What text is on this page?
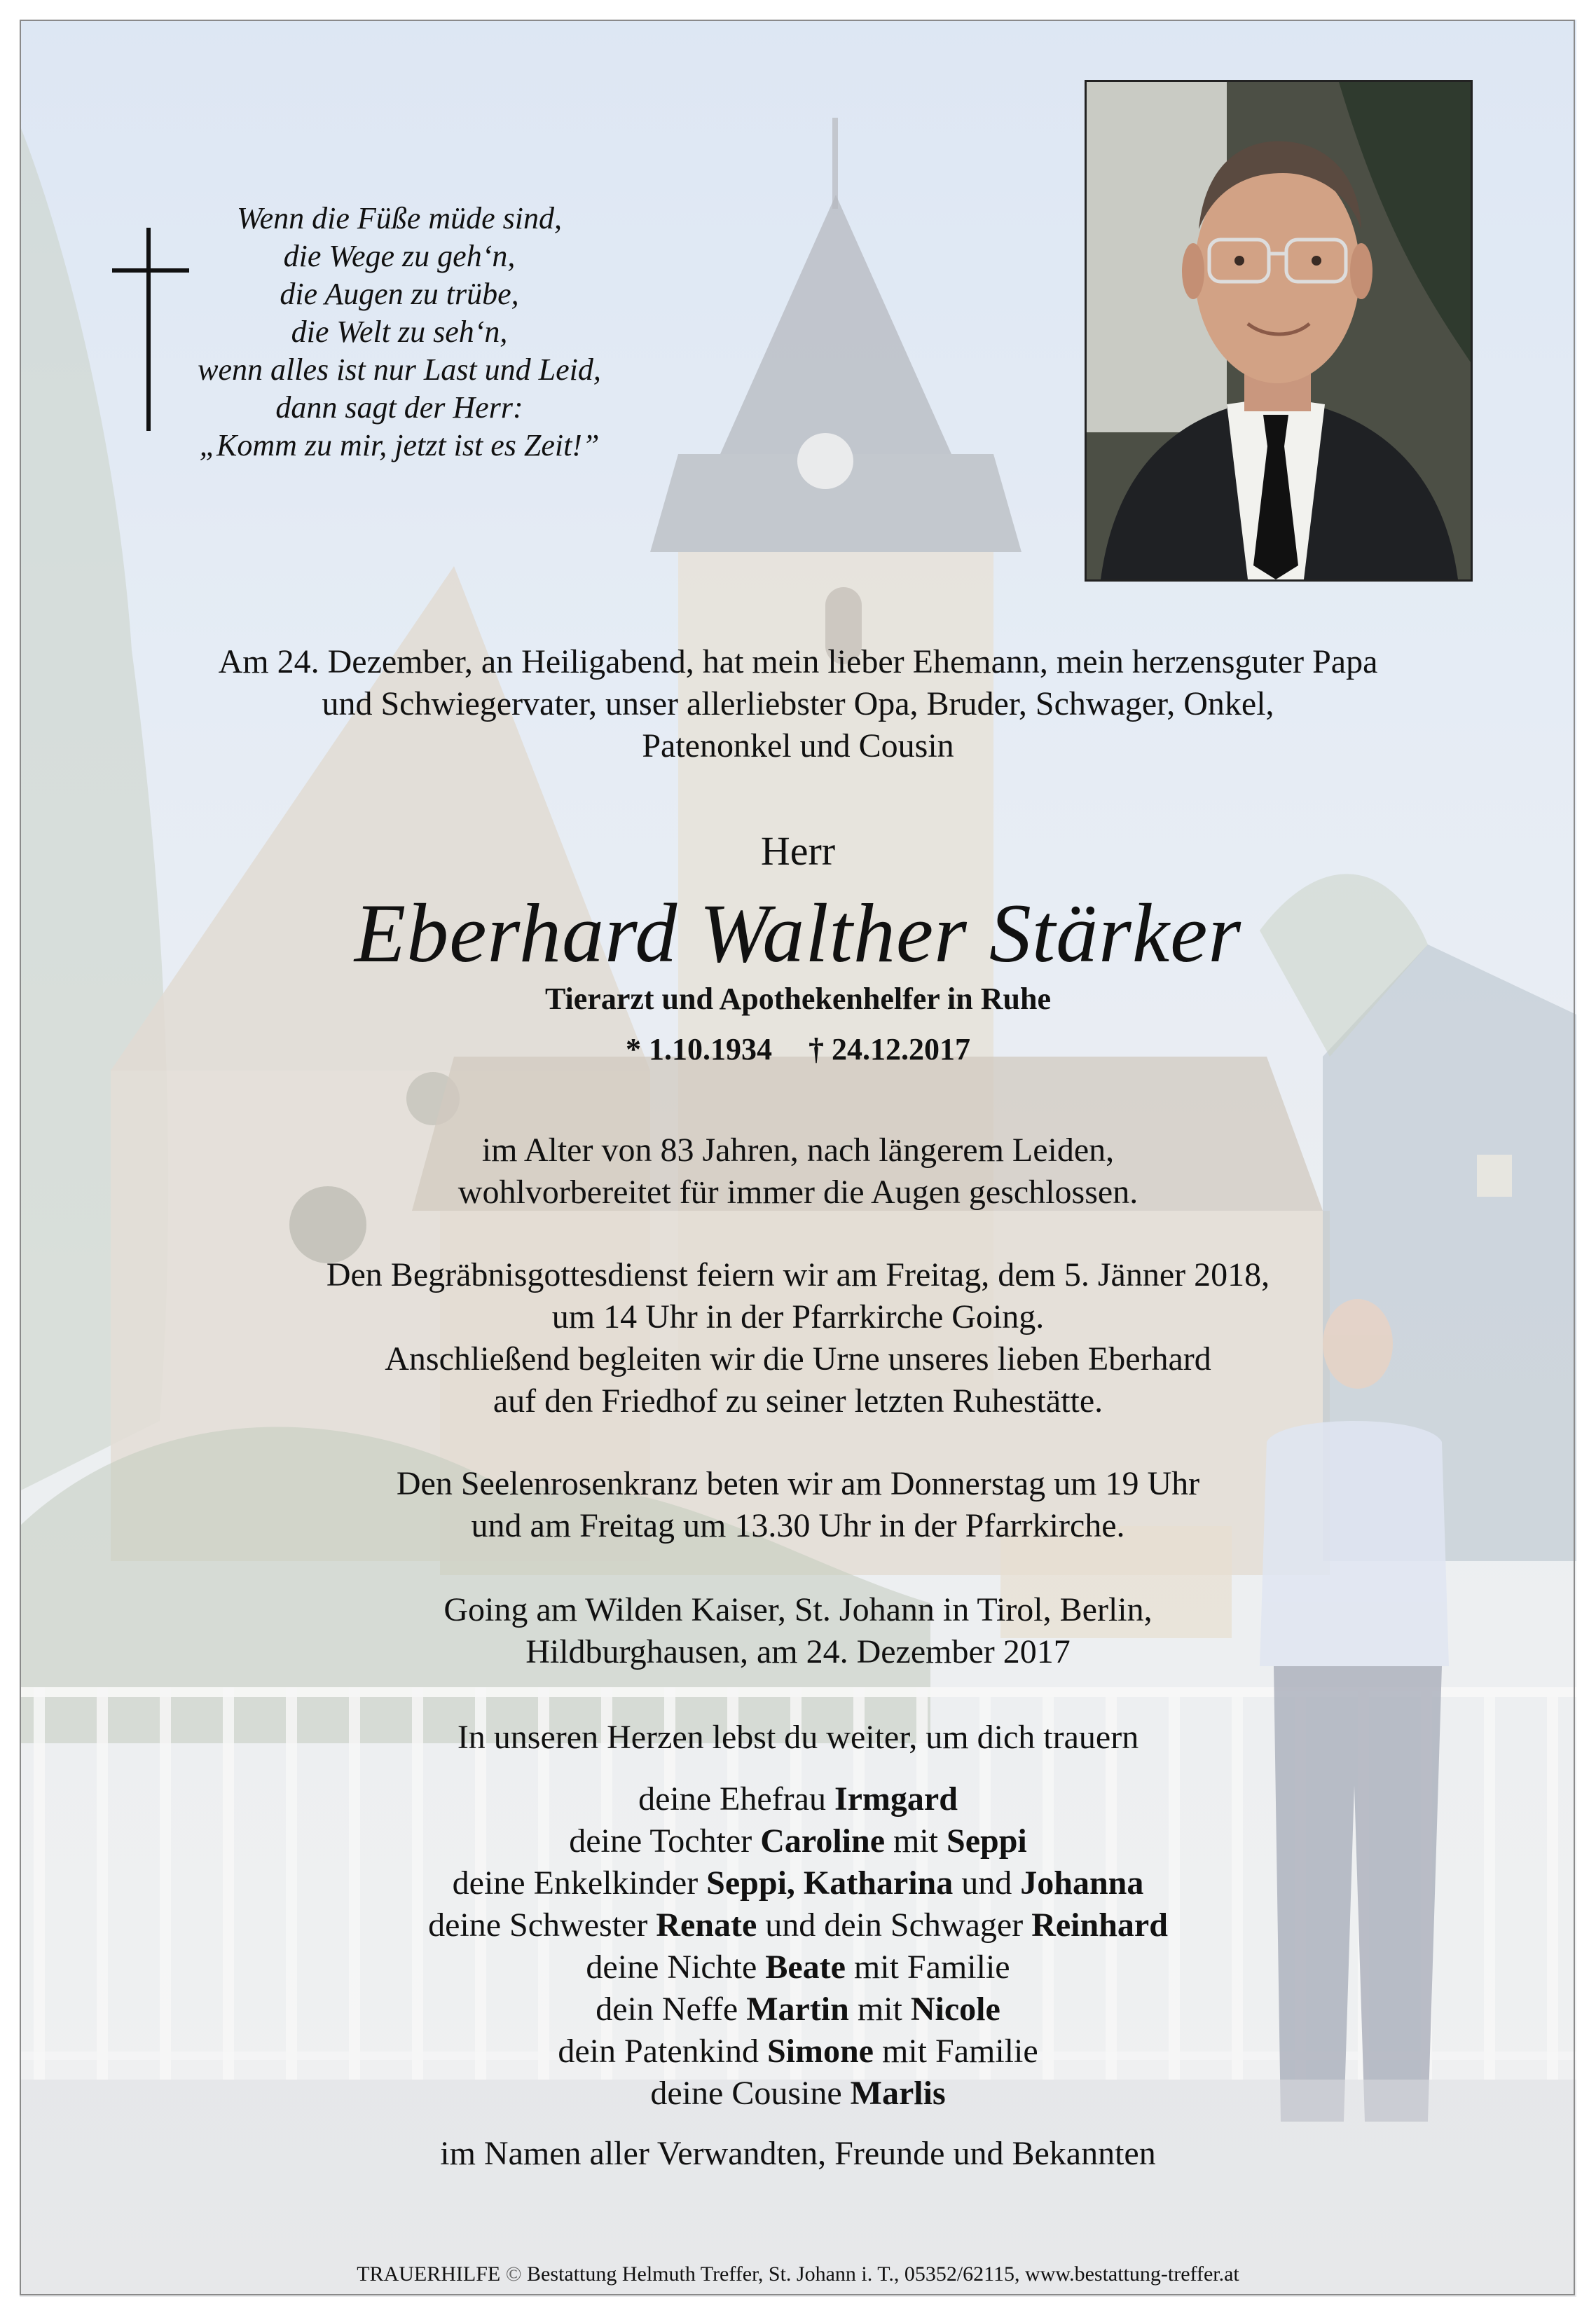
Wenn die Füße müde sind,
die Wege zu geh‘n,
die Augen zu trübe,
die Welt zu seh‘n,
wenn alles ist nur Last und Leid,
dann sagt der Herr:
„Komm zu mir, jetzt ist es Zeit!”
Am 24. Dezember, an Heiligabend, hat mein lieber Ehemann, mein herzensguter Papa
und Schwiegervater, unser allerliebster Opa, Bruder, Schwager, Onkel,
Patenonkel und Cousin
Herr
Eberhard Walther Stärker
Tierarzt und Apothekenhelfer in Ruhe
* 1.10.1934 † 24.12.2017
im Alter von 83 Jahren, nach längerem Leiden,
wohlvorbereitet für immer die Augen geschlossen.
Den Begräbnisgottesdienst feiern wir am Freitag, dem 5. Jänner 2018,
um 14 Uhr in der Pfarrkirche Going.
Anschließend begleiten wir die Urne unseres lieben Eberhard
auf den Friedhof zu seiner letzten Ruhestätte.
Den Seelenrosenkranz beten wir am Donnerstag um 19 Uhr
und am Freitag um 13.30 Uhr in der Pfarrkirche.
Going am Wilden Kaiser, St. Johann in Tirol, Berlin,
Hildburghausen, am 24. Dezember 2017
In unseren Herzen lebst du weiter, um dich trauern
deine Ehefrau Irmgard
deine Tochter Caroline mit Seppi
deine Enkelkinder Seppi, Katharina und Johanna
deine Schwester Renate und dein Schwager Reinhard
deine Nichte Beate mit Familie
dein Neffe Martin mit Nicole
dein Patenkind Simone mit Familie
deine Cousine Marlis
im Namen aller Verwandten, Freunde und Bekannten
TRAUERHILFE © Bestattung Helmuth Treffer, St. Johann i. T., 05352/62115, www.bestattung-treffer.at
